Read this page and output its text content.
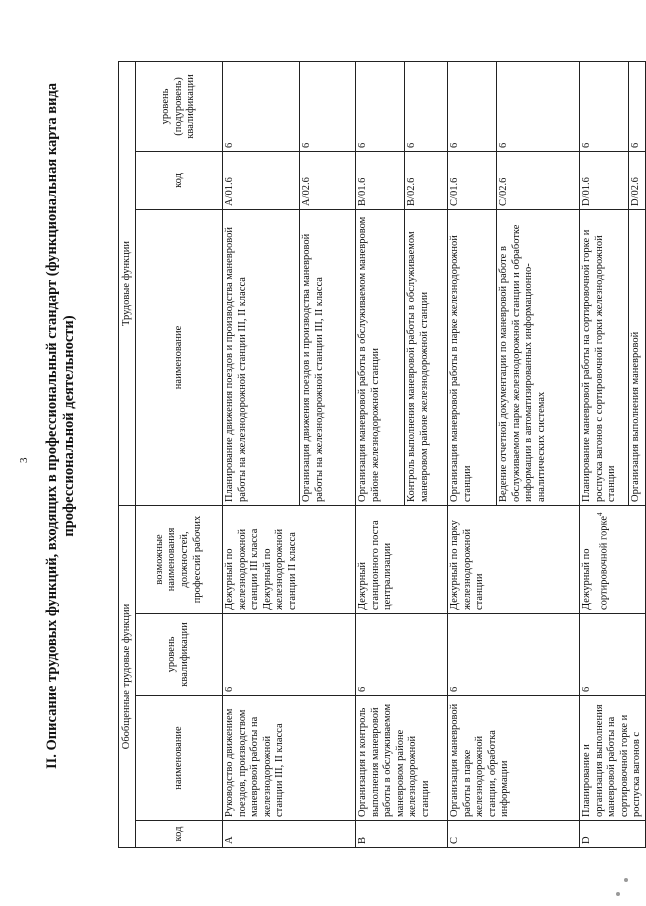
3 II. Описание трудовых функций, входящих в профессиональный стандарт (функциональная карта вида профессиональной деятельности)
Обобщенные трудовые функции				Трудовые функции		
код	наименование	уровень квалификации	возможные наименования должностей, профессий рабочих	наименование	код	уровень (подуровень) квалификации
A	Руководство движением поездов, производством маневровой работы на железнодорожной станции III, II класса	6	Дежурный по железнодорожной станции III класса Дежурный по железнодорожной станции II класса	Планирование движения поездов и производства маневровой работы на железнодорожной станции III, II класса	A/01.6	6
				Организация движения поездов и производства маневровой работы на железнодорожной станции III, II класса	A/02.6	6
B	Организация и контроль выполнения маневровой работы в обслуживаемом маневровом районе железнодорожной станции	6	Дежурный станционного поста централизации	Организация маневровой работы в обслуживаемом маневровом районе железнодорожной станции	B/01.6	6
				Контроль выполнения маневровой работы в обслуживаемом маневровом районе железнодорожной станции	B/02.6	6
C	Организация маневровой работы в парке железнодорожной станции, обработка информации	6	Дежурный по парку железнодорожной станции	Организация маневровой работы в парке железнодорожной станции	C/01.6	6
				Ведение отчетной документации по маневровой работе в обслуживаемом парке железнодорожной станции и обработке информации в автоматизированных информационно-аналитических системах	C/02.6	6
D	Планирование и организация выполнения маневровой работы на сортировочной горке и роспуска вагонов с	6	Дежурный по сортировочной горке$^4$	Планирование маневровой работы на сортировочной горке и роспуска вагонов с сортировочной горки железнодорожной станции	D/01.6	6
				Организация выполнения маневровой	D/02.6	6
